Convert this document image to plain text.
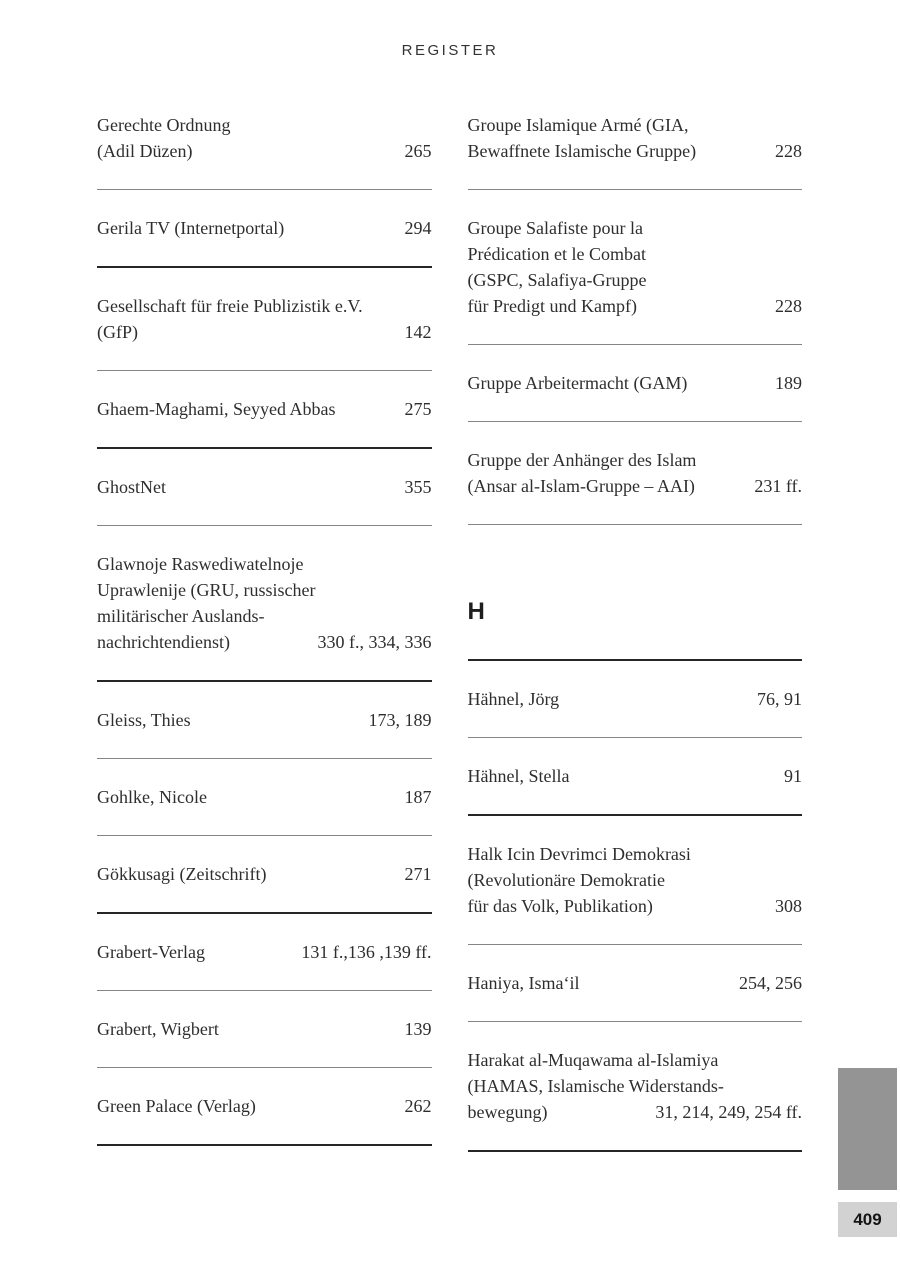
REGISTER
Gerechte Ordnung
(Adil Düzen)	265
Gerila TV (Internetportal)	294
Gesellschaft für freie Publizistik e.V.
(GfP)	142
Ghaem-Maghami, Seyyed Abbas	275
GhostNet	355
Glawnoje Raswediwatelnoje
Uprawlenije (GRU, russischer
militärischer Auslands-
nachrichtendienst)	330 f., 334, 336
Gleiss, Thies	173, 189
Gohlke, Nicole	187
Gökkusagi (Zeitschrift)	271
Grabert-Verlag	131 f.,136 ,139 ff.
Grabert, Wigbert	139
Green Palace (Verlag)	262
Groupe Islamique Armé (GIA,
Bewaffnete Islamische Gruppe)	228
Groupe Salafiste pour la
Prédication et le Combat
(GSPC, Salafiya-Gruppe
für Predigt und Kampf)	228
Gruppe Arbeitermacht (GAM)	189
Gruppe der Anhänger des Islam
(Ansar al-Islam-Gruppe – AAI)	231 ff.
H
Hähnel, Jörg	76, 91
Hähnel, Stella	91
Halk Icin Devrimci Demokrasi
(Revolutionäre Demokratie
für das Volk, Publikation)	308
Haniya, Isma‘il	254, 256
Harakat al-Muqawama al-Islamiya
(HAMAS, Islamische Widerstands-
bewegung)	31, 214, 249, 254 ff.
409
